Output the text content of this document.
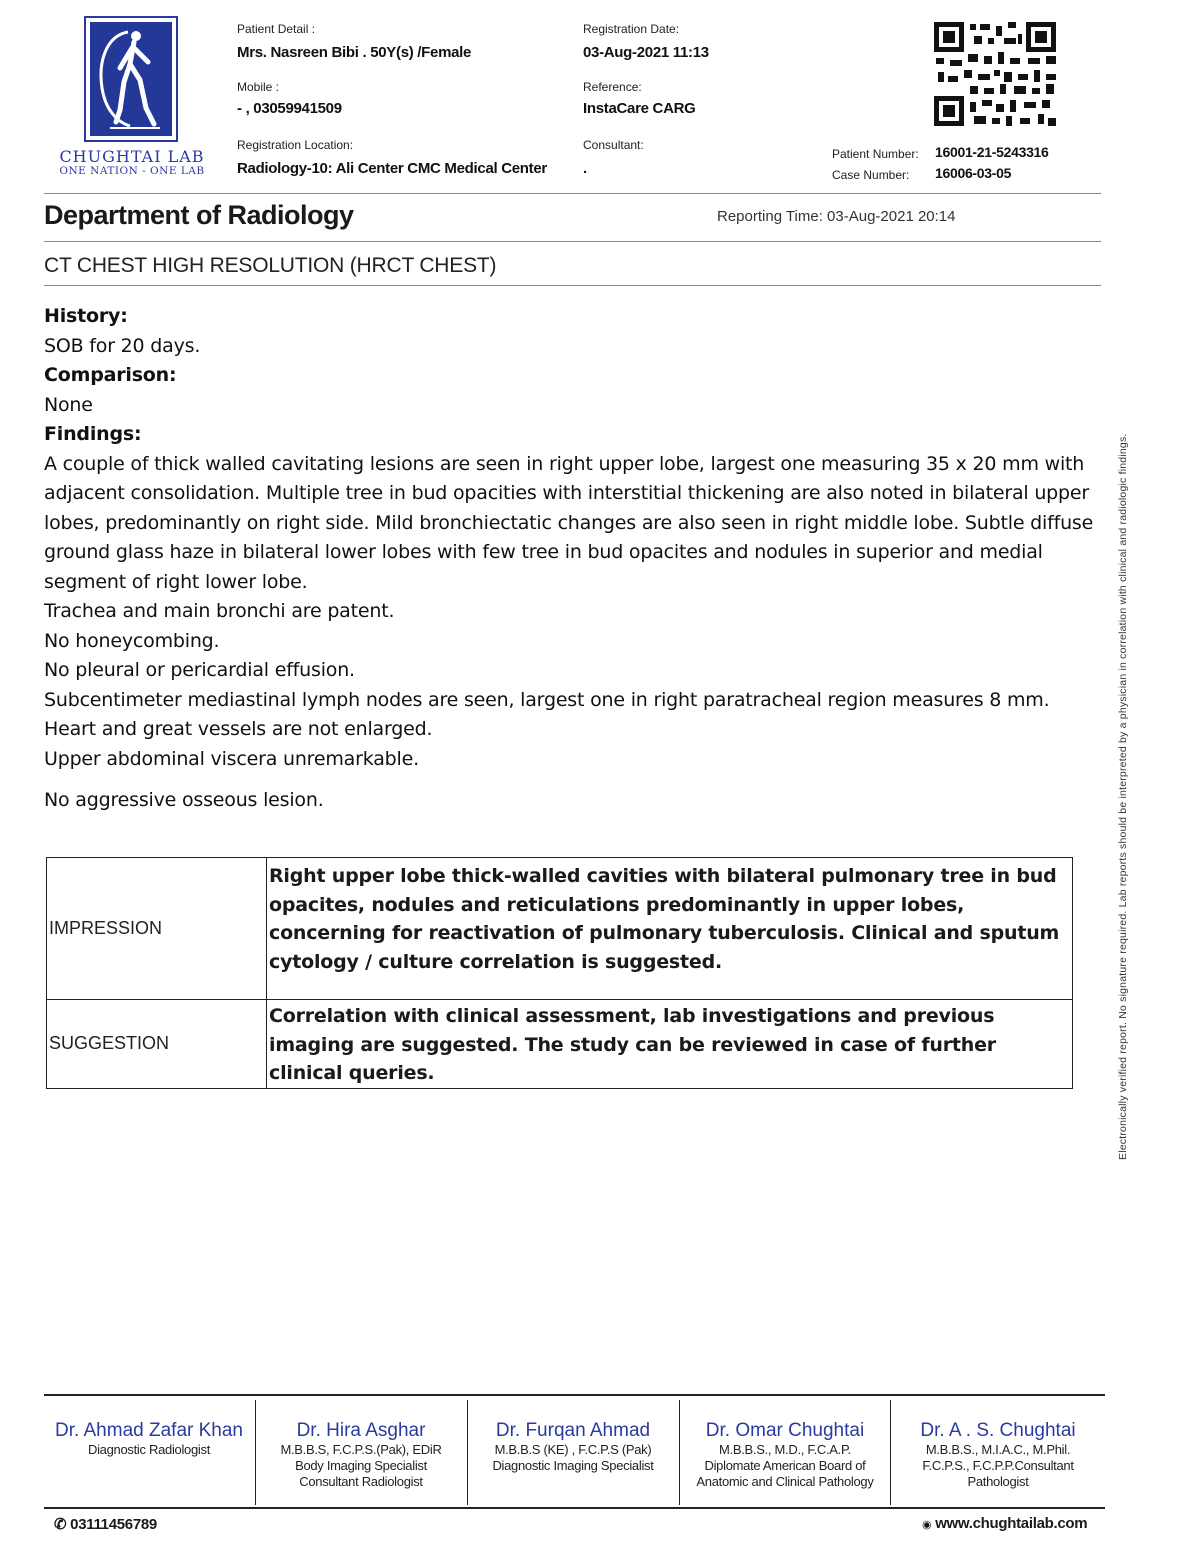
CHUGHTAI LAB
ONE NATION - ONE LAB
Patient Detail :
Mrs. Nasreen Bibi . 50Y(s) /Female
Mobile :
- , 03059941509
Registration Location:
Radiology-10: Ali Center CMC Medical Center
Registration Date:
03-Aug-2021 11:13
Reference:
InstaCare CARG
Consultant:
.
Patient Number: 16001-21-5243316
Case Number: 16006-03-05
Department of Radiology	Reporting Time: 03-Aug-2021 20:14
CT CHEST HIGH RESOLUTION (HRCT CHEST)
History:
SOB for 20 days.
Comparison:
None
Findings:
A couple of thick walled cavitating lesions are seen in right upper lobe, largest one measuring 35 x 20 mm with adjacent consolidation. Multiple tree in bud opacities with interstitial thickening are also noted in bilateral upper lobes, predominantly on right side. Mild bronchiectatic changes are also seen in right middle lobe. Subtle diffuse ground glass haze in bilateral lower lobes with few tree in bud opacites and nodules in superior and medial segment of right lower lobe.
Trachea and main bronchi are patent.
No honeycombing.
No pleural or pericardial effusion.
Subcentimeter mediastinal lymph nodes are seen, largest one in right paratracheal region measures 8 mm.
Heart and great vessels are not enlarged.
Upper abdominal viscera unremarkable.
No aggressive osseous lesion.
IMPRESSION	Right upper lobe thick-walled cavities with bilateral pulmonary tree in bud opacites, nodules and reticulations predominantly in upper lobes, concerning for reactivation of pulmonary tuberculosis. Clinical and sputum cytology / culture correlation is suggested.
SUGGESTION	Correlation with clinical assessment, lab investigations and previous imaging are suggested. The study can be reviewed in case of further clinical queries.	Electronically verified report. No signature required. Lab reports should be interpreted by a physician in correlation with clinical and radiologic findings.
Dr. Ahmad Zafar Khan
Diagnostic Radiologist
Dr. Hira Asghar
M.B.B.S, F.C.P.S.(Pak), EDiR
Body Imaging Specialist
Consultant Radiologist
Dr. Furqan Ahmad
M.B.B.S (KE) , F.C.P.S (Pak)
Diagnostic Imaging Specialist
Dr. Omar Chughtai
M.B.B.S., M.D., F.C.A.P.
Diplomate American Board of
Anatomic and Clinical Pathology
Dr. A . S. Chughtai
M.B.B.S., M.I.A.C., M.Phil.
F.C.P.S., F.C.P.P.Consultant
Pathologist
✆ 03111456789	◉ www.chughtailab.com
